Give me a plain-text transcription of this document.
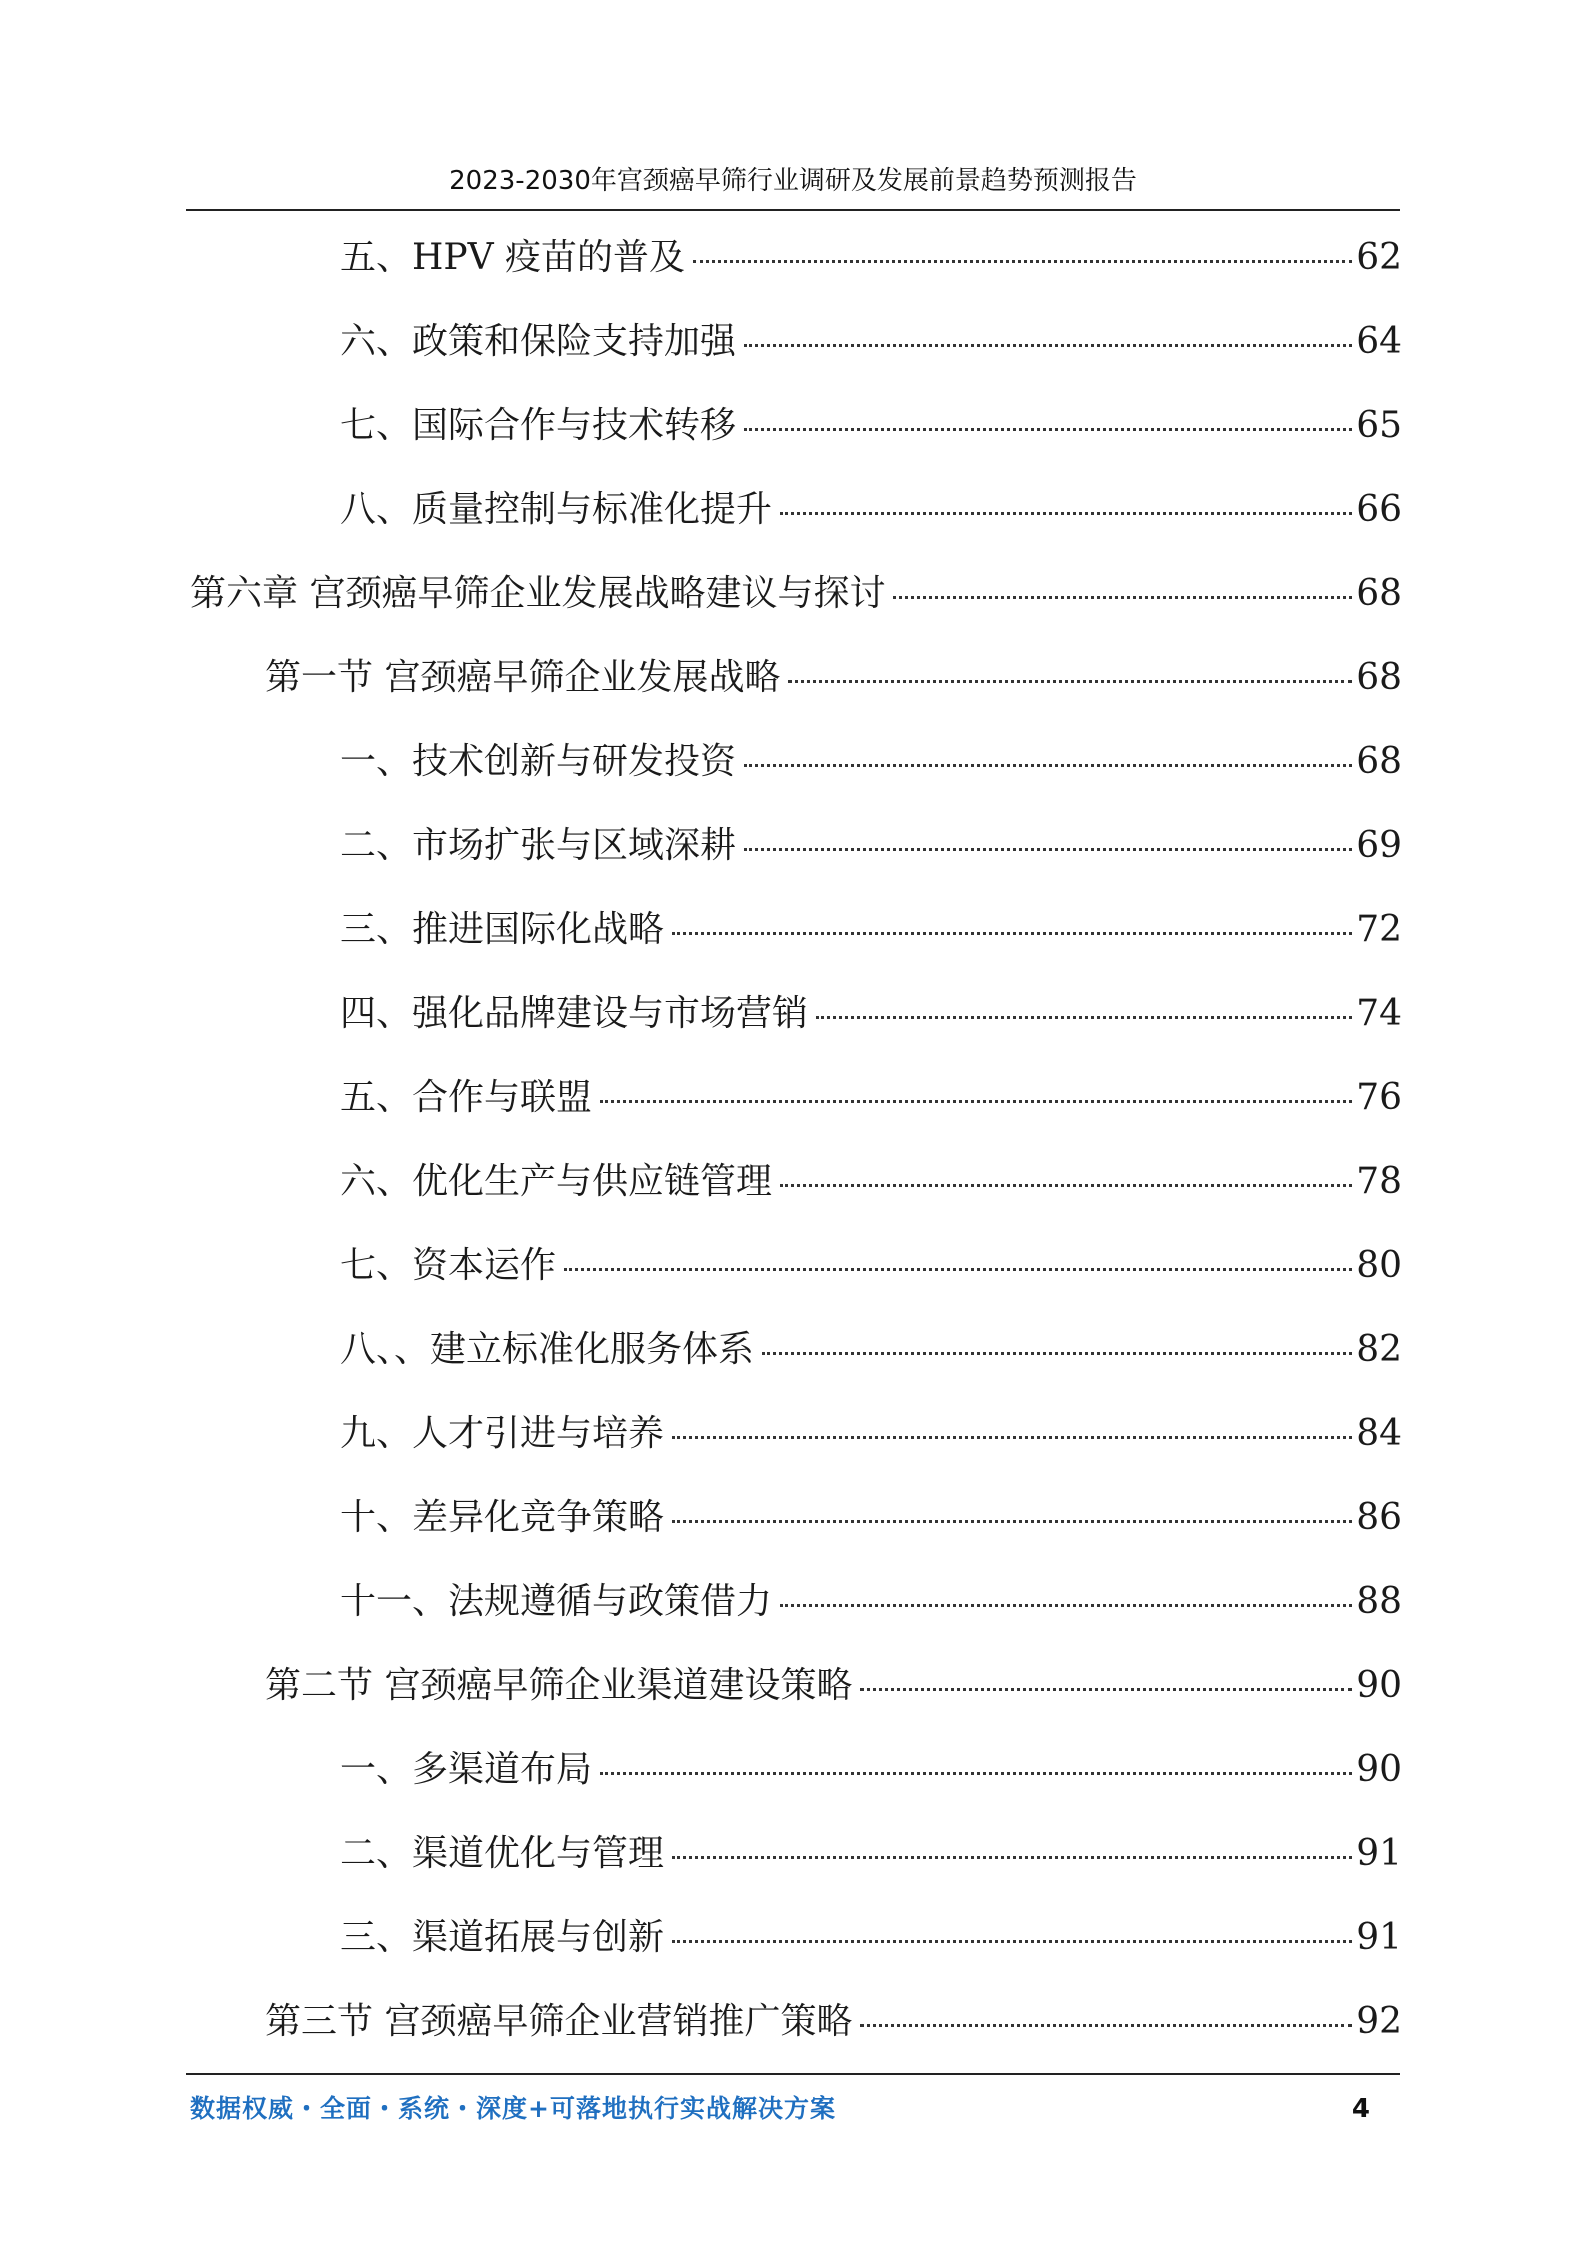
2023-2030年宫颈癌早筛行业调研及发展前景趋势预测报告
五、HPV 疫苗的普及	62
六、政策和保险支持加强	64
七、国际合作与技术转移	65
八、质量控制与标准化提升	66
第六章 宫颈癌早筛企业发展战略建议与探讨	68
第一节 宫颈癌早筛企业发展战略	68
一、技术创新与研发投资	68
二、市场扩张与区域深耕	69
三、推进国际化战略	72
四、强化品牌建设与市场营销	74
五、合作与联盟	76
六、优化生产与供应链管理	78
七、资本运作	80
八、、建立标准化服务体系	82
九、人才引进与培养	84
十、差异化竞争策略	86
十一、法规遵循与政策借力	88
第二节 宫颈癌早筛企业渠道建设策略	90
一、多渠道布局	90
二、渠道优化与管理	91
三、渠道拓展与创新	91
第三节 宫颈癌早筛企业营销推广策略	92
数据权威・全面・系统・深度+可落地执行实战解决方案	4
